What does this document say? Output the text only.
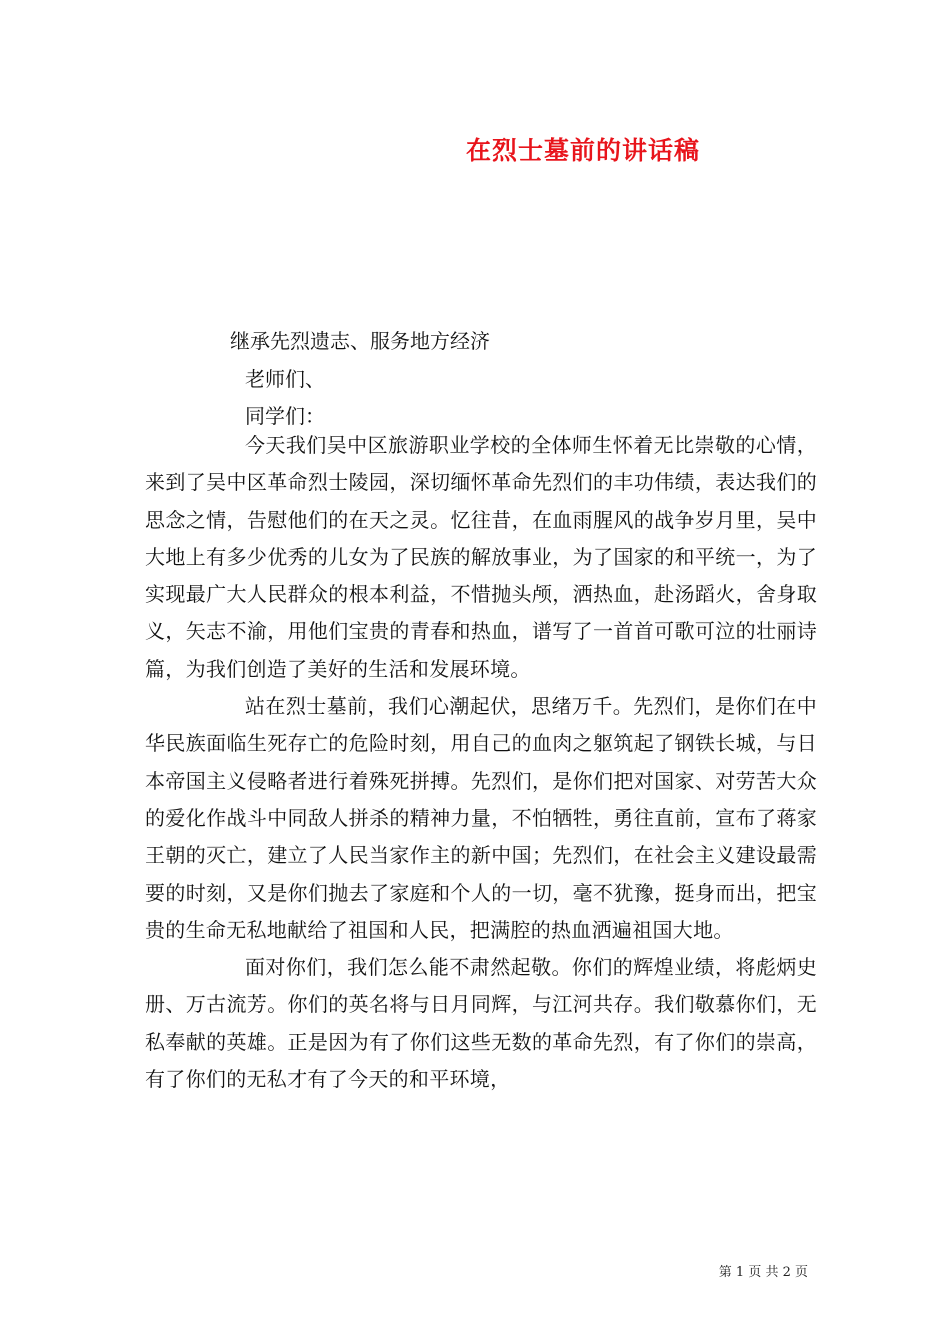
在烈士墓前的讲话稿

继承先烈遗志、服务地方经济

老师们、

同学们：

今天我们吴中区旅游职业学校的全体师生怀着无比崇敬的心情，来到了吴中区革命烈士陵园，深切缅怀革命先烈们的丰功伟绩，表达我们的思念之情，告慰他们的在天之灵。忆往昔，在血雨腥风的战争岁月里，吴中大地上有多少优秀的儿女为了民族的解放事业，为了国家的和平统一，为了实现最广大人民群众的根本利益，不惜抛头颅，洒热血，赴汤蹈火，舍身取义，矢志不渝，用他们宝贵的青春和热血，谱写了一首首可歌可泣的壮丽诗篇，为我们创造了美好的生活和发展环境。

站在烈士墓前，我们心潮起伏，思绪万千。先烈们，是你们在中华民族面临生死存亡的危险时刻，用自己的血肉之躯筑起了钢铁长城，与日本帝国主义侵略者进行着殊死拼搏。先烈们，是你们把对国家、对劳苦大众的爱化作战斗中同敌人拼杀的精神力量，不怕牺牲，勇往直前，宣布了蒋家王朝的灭亡，建立了人民当家作主的新中国；先烈们，在社会主义建设最需要的时刻，又是你们抛去了家庭和个人的一切，毫不犹豫，挺身而出，把宝贵的生命无私地献给了祖国和人民，把满腔的热血洒遍祖国大地。

面对你们，我们怎么能不肃然起敬。你们的辉煌业绩，将彪炳史册、万古流芳。你们的英名将与日月同辉，与江河共存。我们敬慕你们，无私奉献的英雄。正是因为有了你们这些无数的革命先烈，有了你们的崇高，有了你们的无私才有了今天的和平环境，

第 1 页 共 2 页
